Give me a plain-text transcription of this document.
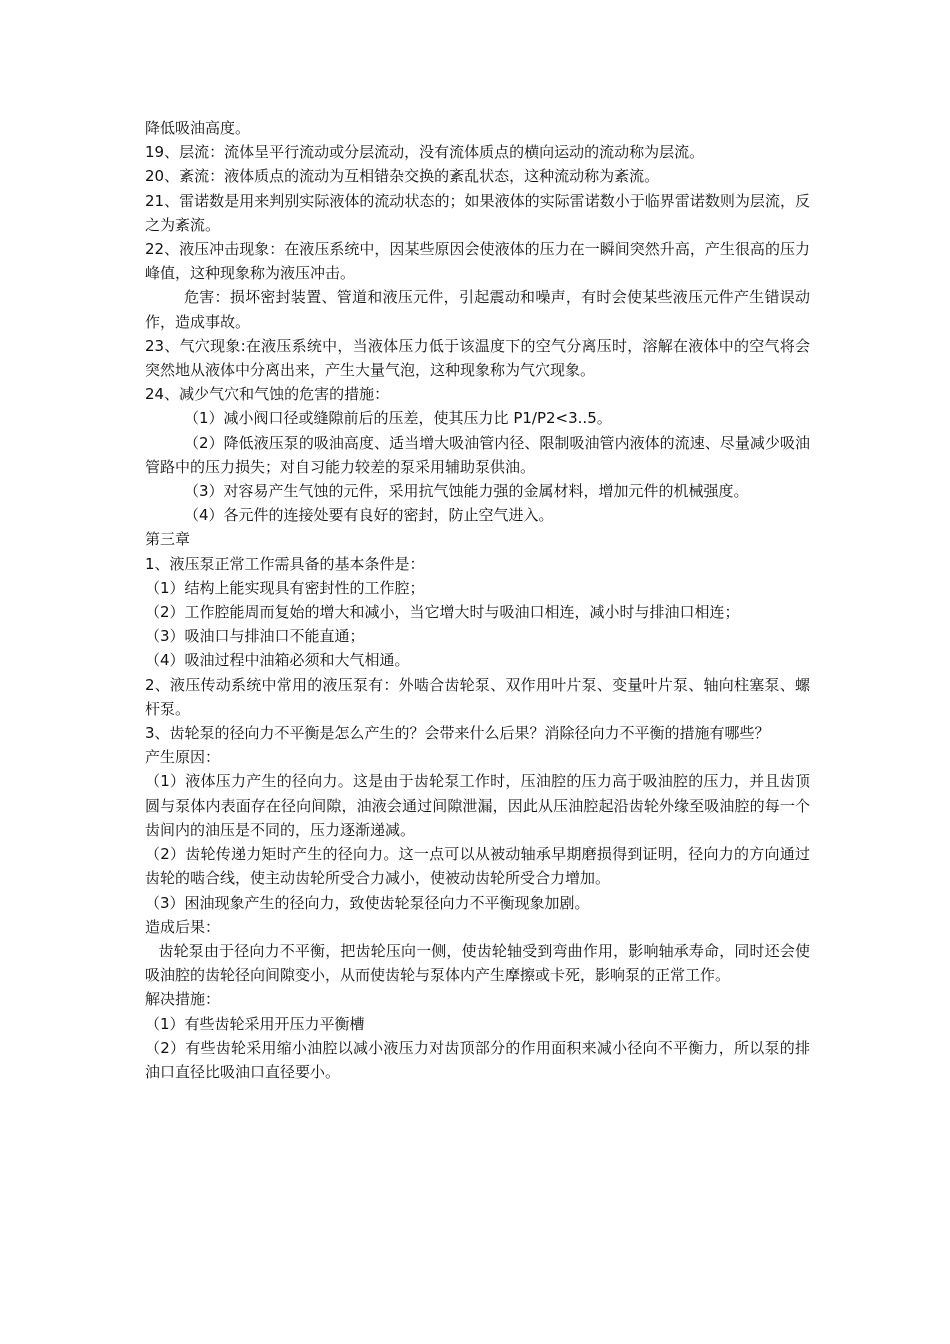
降低吸油高度。

19、层流：流体呈平行流动或分层流动，没有流体质点的横向运动的流动称为层流。

20、紊流：液体质点的流动为互相错杂交换的紊乱状态，这种流动称为紊流。

21、雷诺数是用来判别实际液体的流动状态的；如果液体的实际雷诺数小于临界雷诺数则为层流，反之为紊流。

22、液压冲击现象：在液压系统中，因某些原因会使液体的压力在一瞬间突然升高，产生很高的压力峰值，这种现象称为液压冲击。

危害：损坏密封装置、管道和液压元件，引起震动和噪声，有时会使某些液压元件产生错误动作，造成事故。

23、气穴现象:在液压系统中，当液体压力低于该温度下的空气分离压时，溶解在液体中的空气将会突然地从液体中分离出来，产生大量气泡，这种现象称为气穴现象。

24、减少气穴和气蚀的危害的措施：

（1）减小阀口径或缝隙前后的压差，使其压力比 P1/P2<3..5。

（2）降低液压泵的吸油高度、适当增大吸油管内径、限制吸油管内液体的流速、尽量减少吸油管路中的压力损失；对自习能力较差的泵采用辅助泵供油。

（3）对容易产生气蚀的元件，采用抗气蚀能力强的金属材料，增加元件的机械强度。

（4）各元件的连接处要有良好的密封，防止空气进入。

第三章

1、液压泵正常工作需具备的基本条件是：

（1）结构上能实现具有密封性的工作腔；

（2）工作腔能周而复始的增大和减小，当它增大时与吸油口相连，减小时与排油口相连；

（3）吸油口与排油口不能直通；

（4）吸油过程中油箱必须和大气相通。

2、液压传动系统中常用的液压泵有：外啮合齿轮泵、双作用叶片泵、变量叶片泵、轴向柱塞泵、螺杆泵。

3、齿轮泵的径向力不平衡是怎么产生的？会带来什么后果？消除径向力不平衡的措施有哪些？

产生原因：

（1）液体压力产生的径向力。这是由于齿轮泵工作时，压油腔的压力高于吸油腔的压力，并且齿顶圆与泵体内表面存在径向间隙，油液会通过间隙泄漏，因此从压油腔起沿齿轮外缘至吸油腔的每一个齿间内的油压是不同的，压力逐渐递减。

（2）齿轮传递力矩时产生的径向力。这一点可以从被动轴承早期磨损得到证明，径向力的方向通过齿轮的啮合线，使主动齿轮所受合力减小，使被动齿轮所受合力增加。

（3）困油现象产生的径向力，致使齿轮泵径向力不平衡现象加剧。

造成后果：

齿轮泵由于径向力不平衡，把齿轮压向一侧，使齿轮轴受到弯曲作用，影响轴承寿命，同时还会使吸油腔的齿轮径向间隙变小，从而使齿轮与泵体内产生摩擦或卡死，影响泵的正常工作。

解决措施：

（1）有些齿轮采用开压力平衡槽

（2）有些齿轮采用缩小油腔以减小液压力对齿顶部分的作用面积来减小径向不平衡力，所以泵的排油口直径比吸油口直径要小。
